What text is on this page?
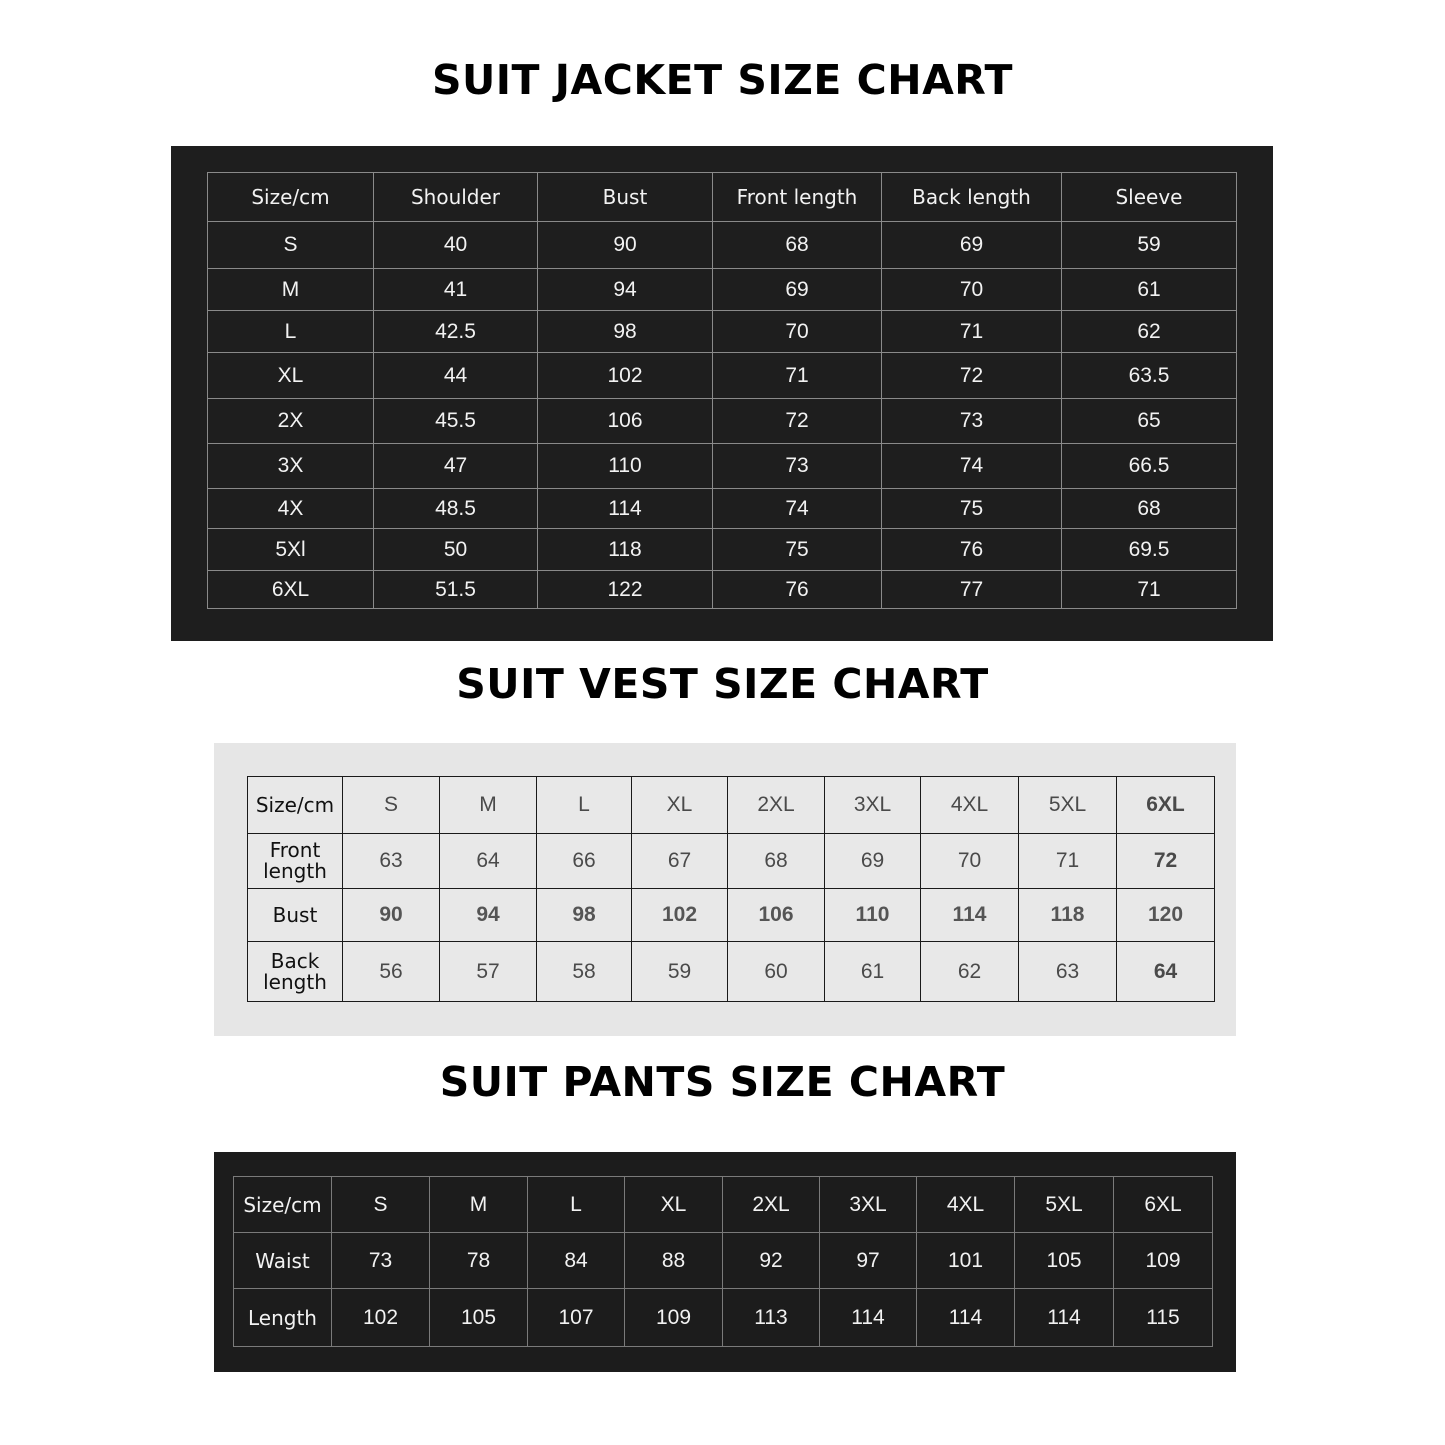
SUIT JACKET SIZE CHART
Size/cm	Shoulder	Bust	Front length	Back length	Sleeve
S	40	90	68	69	59
M	41	94	69	70	61
L	42.5	98	70	71	62
XL	44	102	71	72	63.5
2X	45.5	106	72	73	65
3X	47	110	73	74	66.5
4X	48.5	114	74	75	68
5Xl	50	118	75	76	69.5
6XL	51.5	122	76	77	71
SUIT VEST SIZE CHART
Size/cm	S	M	L	XL	2XL	3XL	4XL	5XL	6XL

Front
length	63	64	66	67	68	69	70	71	72

Bust	90	94	98	102	106	110	114	118	120

Back
length	56	57	58	59	60	61	62	63	64
SUIT PANTS SIZE CHART
Size/cm	S	M	L	XL	2XL	3XL	4XL	5XL	6XL
Waist	73	78	84	88	92	97	101	105	109
Length	102	105	107	109	113	114	114	114	115
